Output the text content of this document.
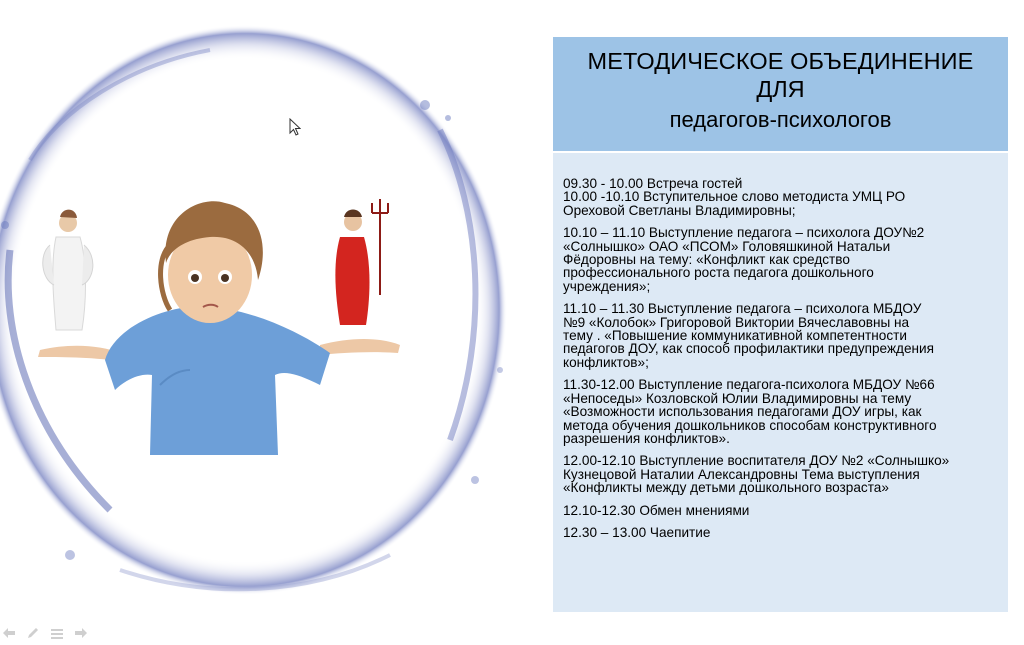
МЕТОДИЧЕСКОЕ ОБЪЕДИНЕНИЕ
ДЛЯ
педагогов-психологов
09.30 - 10.00 Встреча гостей
10.00 -10.10 Вступительное слово методиста УМЦ РО
Ореховой Светланы Владимировны;
10.10 – 11.10 Выступление педагога – психолога ДОУ№2
«Солнышко» ОАО «ПСОМ» Головяшкиной Натальи
Фёдоровны на тему: «Конфликт как средство
профессионального роста педагога дошкольного
учреждения»;
11.10 – 11.30 Выступление педагога – психолога МБДОУ
№9 «Колобок» Григоровой Виктории Вячеславовны на
тему . «Повышение коммуникативной компетентности
педагогов ДОУ, как способ профилактики предупреждения
конфликтов»;
11.30-12.00 Выступление педагога-психолога МБДОУ №66
«Непоседы» Козловской Юлии Владимировны на тему
«Возможности использования педагогами ДОУ игры, как
метода обучения дошкольников способам конструктивного
разрешения конфликтов».
12.00-12.10 Выступление воспитателя ДОУ №2 «Солнышко»
Кузнецовой Наталии Александровны Тема выступления
«Конфликты между детьми дошкольного возраста»
12.10-12.30 Обмен мнениями
12.30 – 13.00 Чаепитие
